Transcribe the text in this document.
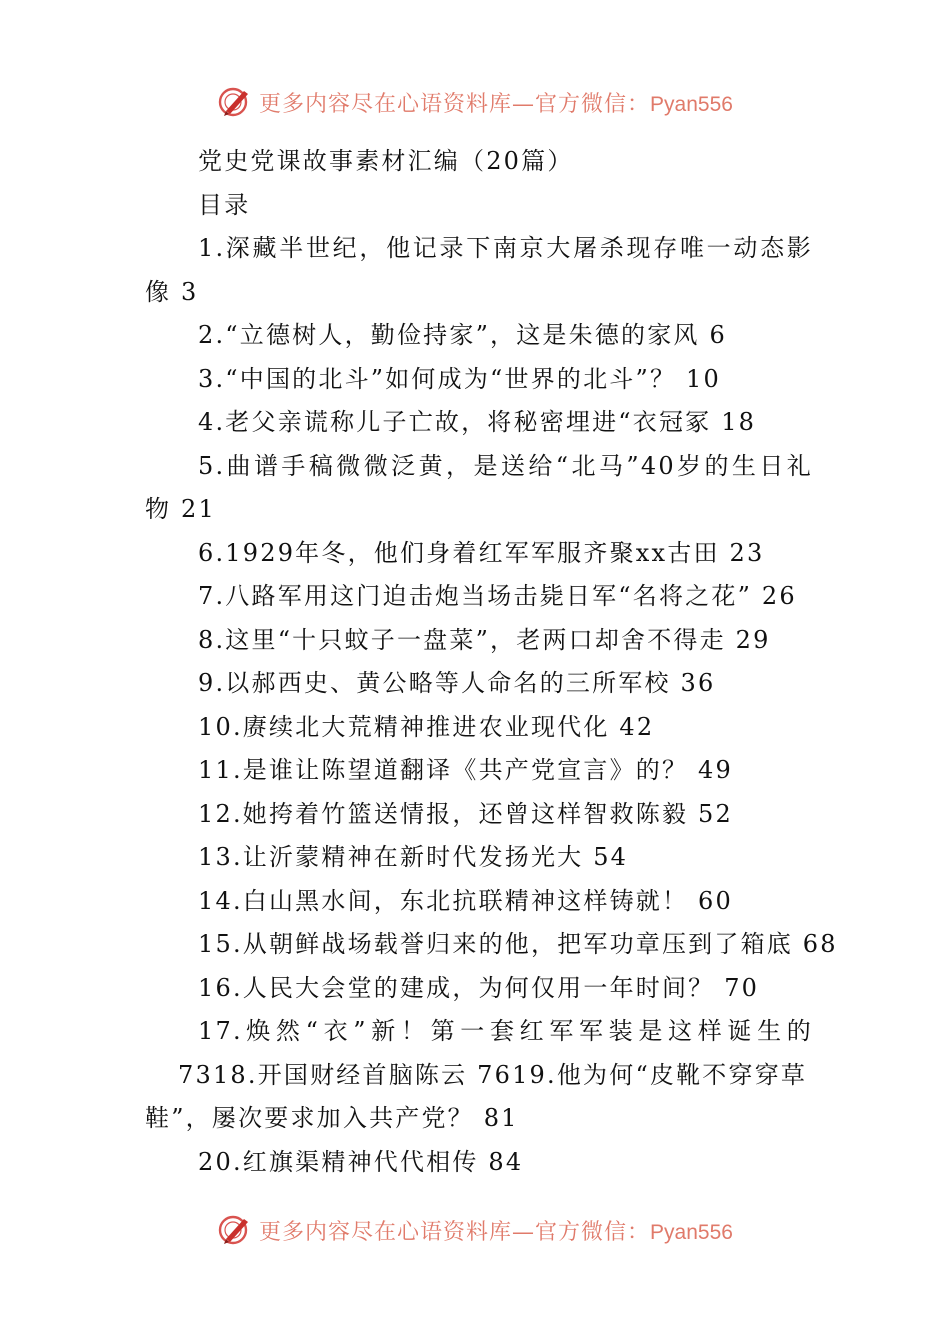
更多内容尽在心语资料库—官方微信：Pyan556
党史党课故事素材汇编（20篇）
目录
1.深藏半世纪，他记录下南京大屠杀现存唯一动态影
像 3
2.“立德树人，勤俭持家”，这是朱德的家风 6
3.“中国的北斗”如何成为“世界的北斗”？ 10
4.老父亲谎称儿子亡故，将秘密埋进“衣冠冢 18
5.曲谱手稿微微泛黄，是送给“北马”40岁的生日礼
物 21
6.1929年冬，他们身着红军军服齐聚xx古田 23
7.八路军用这门迫击炮当场击毙日军“名将之花” 26
8.这里“十只蚊子一盘菜”，老两口却舍不得走 29
9.以郝西史、黄公略等人命名的三所军校 36
10.赓续北大荒精神推进农业现代化 42
11.是谁让陈望道翻译《共产党宣言》的？ 49
12.她挎着竹篮送情报，还曾这样智救陈毅 52
13.让沂蒙精神在新时代发扬光大 54
14.白山黑水间，东北抗联精神这样铸就！ 60
15.从朝鲜战场载誉归来的他，把军功章压到了箱底 68
16.人民大会堂的建成，为何仅用一年时间？ 70
17.焕然“衣”新！第一套红军军装是这样诞生的
7318.开国财经首脑陈云 7619.他为何“皮靴不穿穿草
鞋”，屡次要求加入共产党？ 81
20.红旗渠精神代代相传 84
更多内容尽在心语资料库—官方微信：Pyan556
